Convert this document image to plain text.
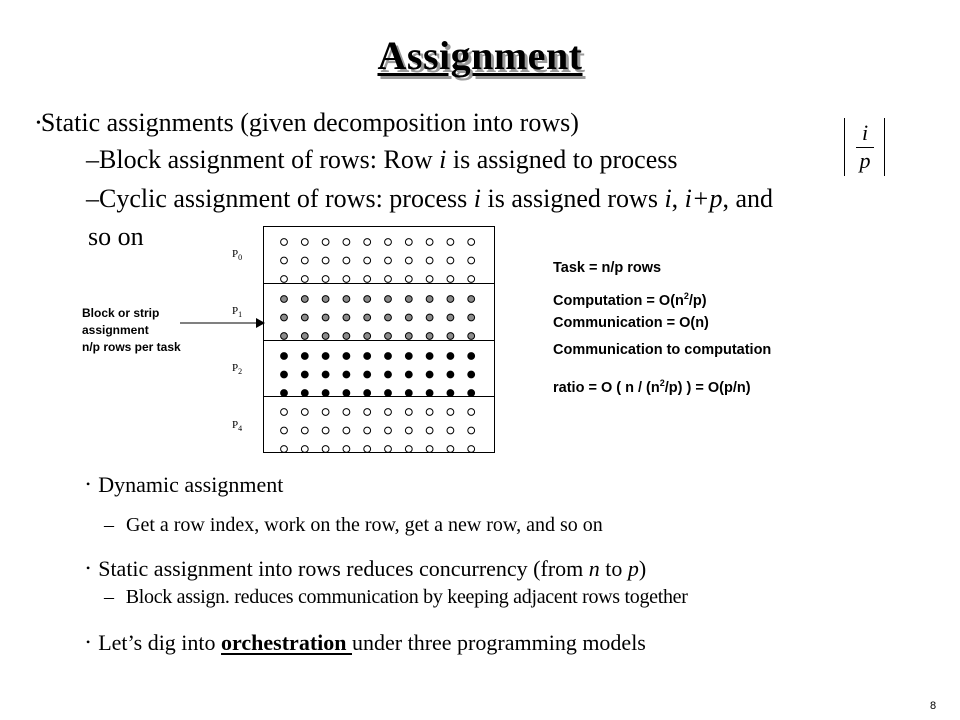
Assignment
•Static assignments (given decomposition into rows)
–Block assignment of rows: Row i is assigned to process
i
p
–Cyclic assignment of rows: process i is assigned rows i, i+p, and
so on
Block or strip
assignment
n/p rows per task
$P_0$
$P_1$
$P_2$
$P_4$
Task = n/p rows
Computation = $O(n^2/p)$
Communication = O(n)
Communication to computation
ratio = O ( n / $(n^2/p)$ ) = O(p/n)
• Dynamic assignment
– Get a row index, work on the row, get a new row, and so on
• Static assignment into rows reduces concurrency (from n to p)
– Block assign. reduces communication by keeping adjacent rows together
• Let’s dig into orchestration under three programming models
8
